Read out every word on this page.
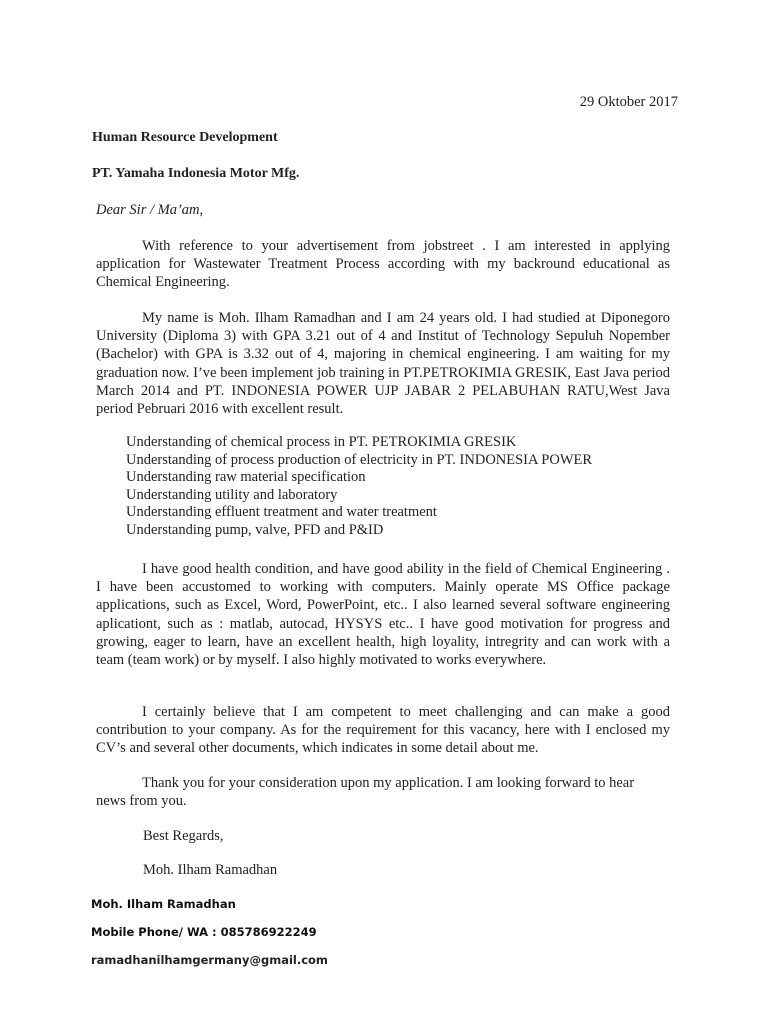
29 Oktober 2017
Human Resource Development
PT. Yamaha Indonesia Motor Mfg.
Dear Sir / Ma’am,

With reference to your advertisement from jobstreet . I am interested in applying application for Wastewater Treatment Process according with my backround educational as Chemical Engineering.

My name is Moh. Ilham Ramadhan and I am 24 years old. I had studied at Diponegoro University (Diploma 3) with GPA 3.21 out of 4 and Institut of Technology Sepuluh Nopember (Bachelor) with GPA is 3.32 out of 4, majoring in chemical engineering. I am waiting for my graduation now. I’ve been implement job training in PT.PETROKIMIA GRESIK, East Java period March 2014 and PT. INDONESIA POWER UJP JABAR 2 PELABUHAN RATU,West Java period Pebruari 2016 with excellent result.

Understanding of chemical process in PT. PETROKIMIA GRESIK
Understanding of process production of electricity in PT. INDONESIA POWER
Understanding raw material specification
Understanding utility and laboratory
Understanding effluent treatment and water treatment
Understanding pump, valve, PFD and P&ID

I have good health condition, and have good ability in the field of Chemical Engineering . I have been accustomed to working with computers. Mainly operate MS Office package applications, such as Excel, Word, PowerPoint, etc.. I also learned several software engineering aplicationt, such as : matlab, autocad, HYSYS etc.. I have good motivation for progress and growing, eager to learn, have an excellent health, high loyality, intregrity and can work with a team (team work) or by myself. I also highly motivated to works everywhere.

I certainly believe that I am competent to meet challenging and can make a good contribution to your company. As for the requirement for this vacancy, here with I enclosed my CV’s and several other documents, which indicates in some detail about me.

Thank you for your consideration upon my application. I am looking forward to hear news from you.

Best Regards,
Moh. Ilham Ramadhan
Moh. Ilham Ramadhan
Mobile Phone/ WA : 085786922249
ramadhanilhamgermany@gmail.com
